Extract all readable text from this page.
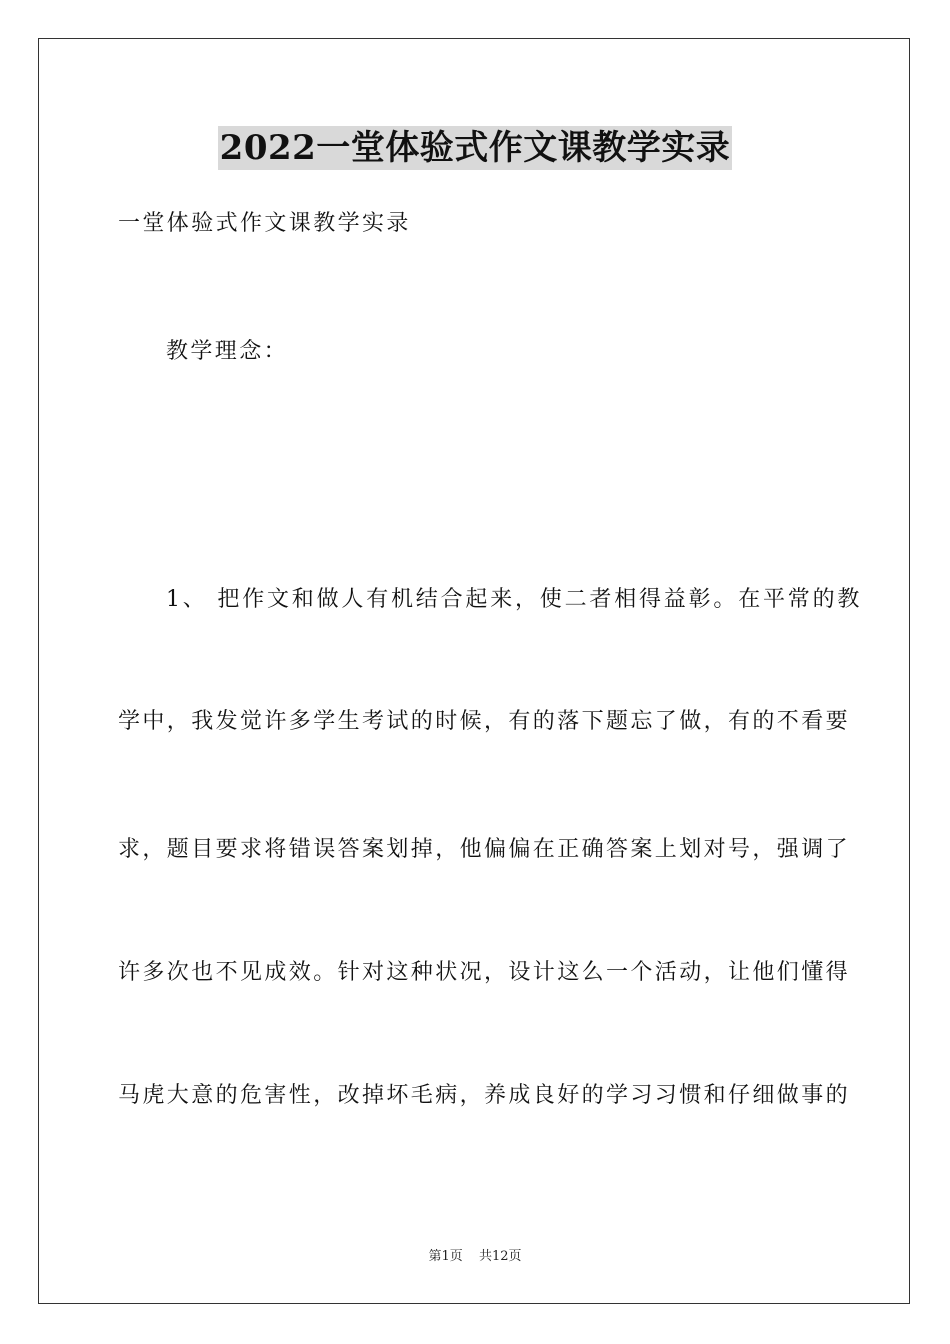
2022一堂体验式作文课教学实录
一堂体验式作文课教学实录
教学理念：
1、 把作文和做人有机结合起来，使二者相得益彰。在平常的教
学中，我发觉许多学生考试的时候，有的落下题忘了做，有的不看要
求，题目要求将错误答案划掉，他偏偏在正确答案上划对号，强调了
许多次也不见成效。针对这种状况，设计这么一个活动，让他们懂得
马虎大意的危害性，改掉坏毛病，养成良好的学习习惯和仔细做事的
第1页 共12页
